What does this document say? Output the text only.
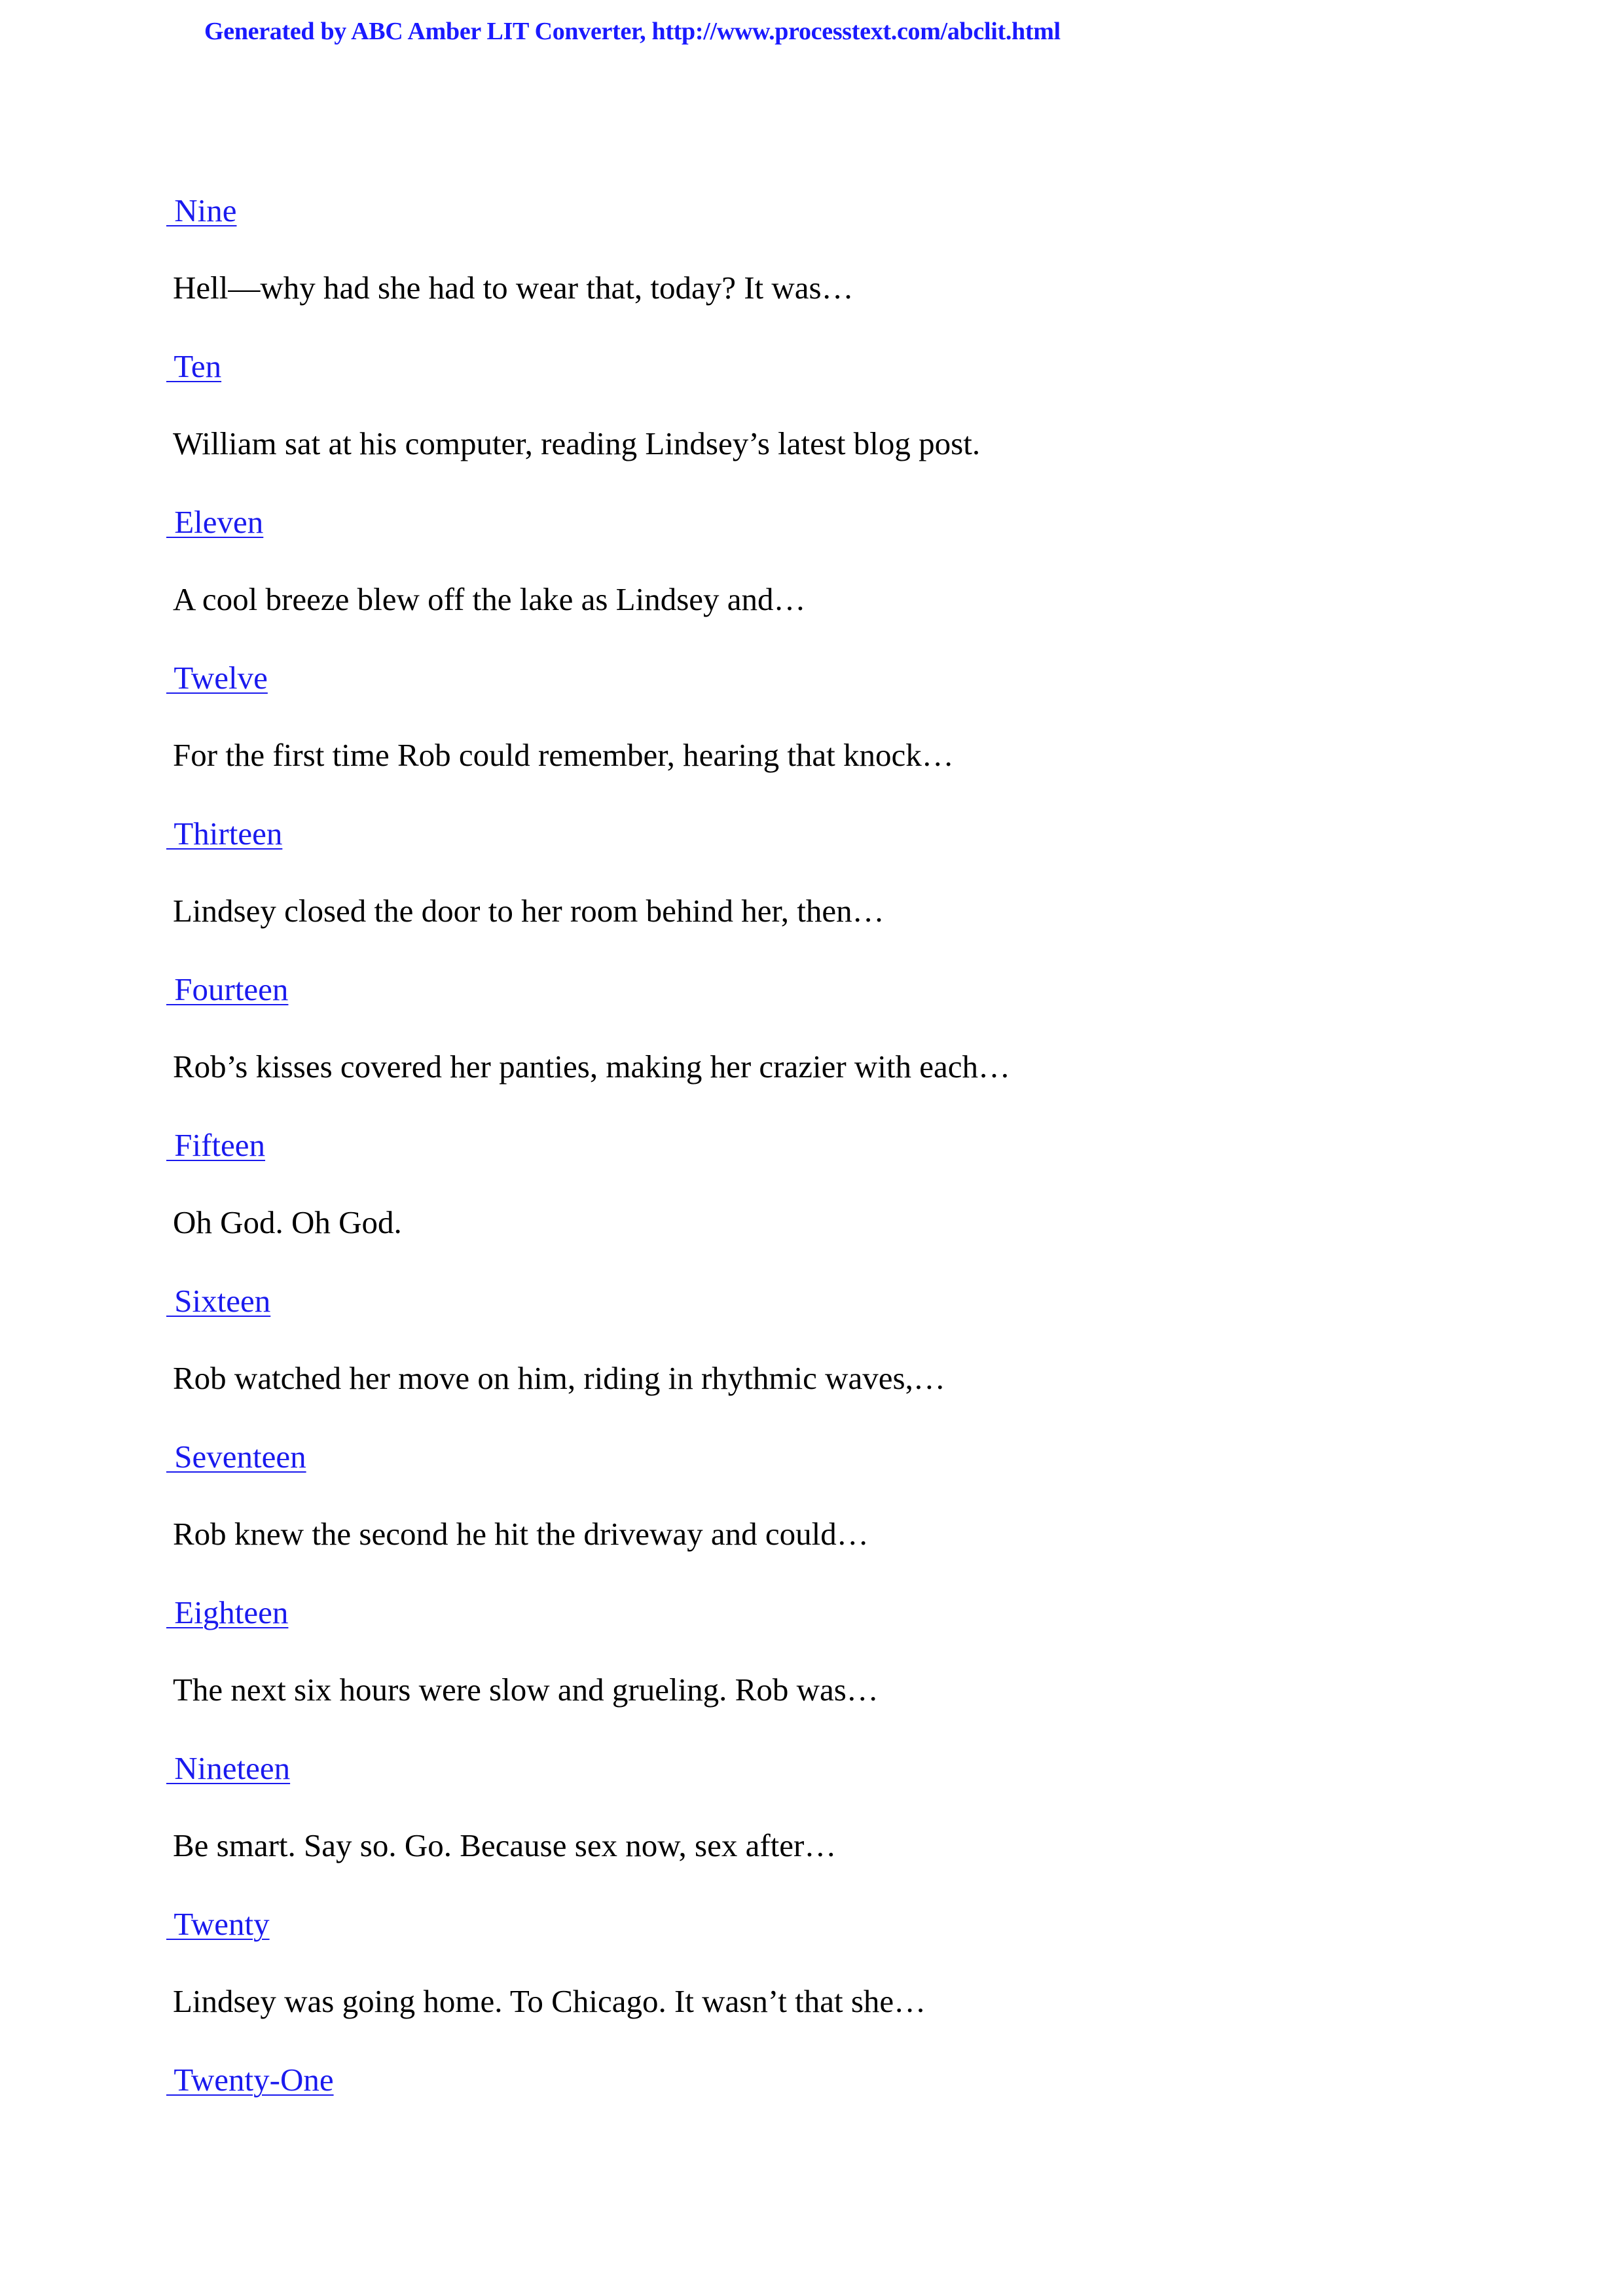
Generated by ABC Amber LIT Converter, http://www.processtext.com/abclit.html
Nine
Hell—why had she had to wear that, today? It was…
Ten
William sat at his computer, reading Lindsey’s latest blog post.
Eleven
A cool breeze blew off the lake as Lindsey and…
Twelve
For the first time Rob could remember, hearing that knock…
Thirteen
Lindsey closed the door to her room behind her, then…
Fourteen
Rob’s kisses covered her panties, making her crazier with each…
Fifteen
Oh God. Oh God.
Sixteen
Rob watched her move on him, riding in rhythmic waves,…
Seventeen
Rob knew the second he hit the driveway and could…
Eighteen
The next six hours were slow and grueling. Rob was…
Nineteen
Be smart. Say so. Go. Because sex now, sex after…
Twenty
Lindsey was going home. To Chicago. It wasn’t that she…
Twenty-One
